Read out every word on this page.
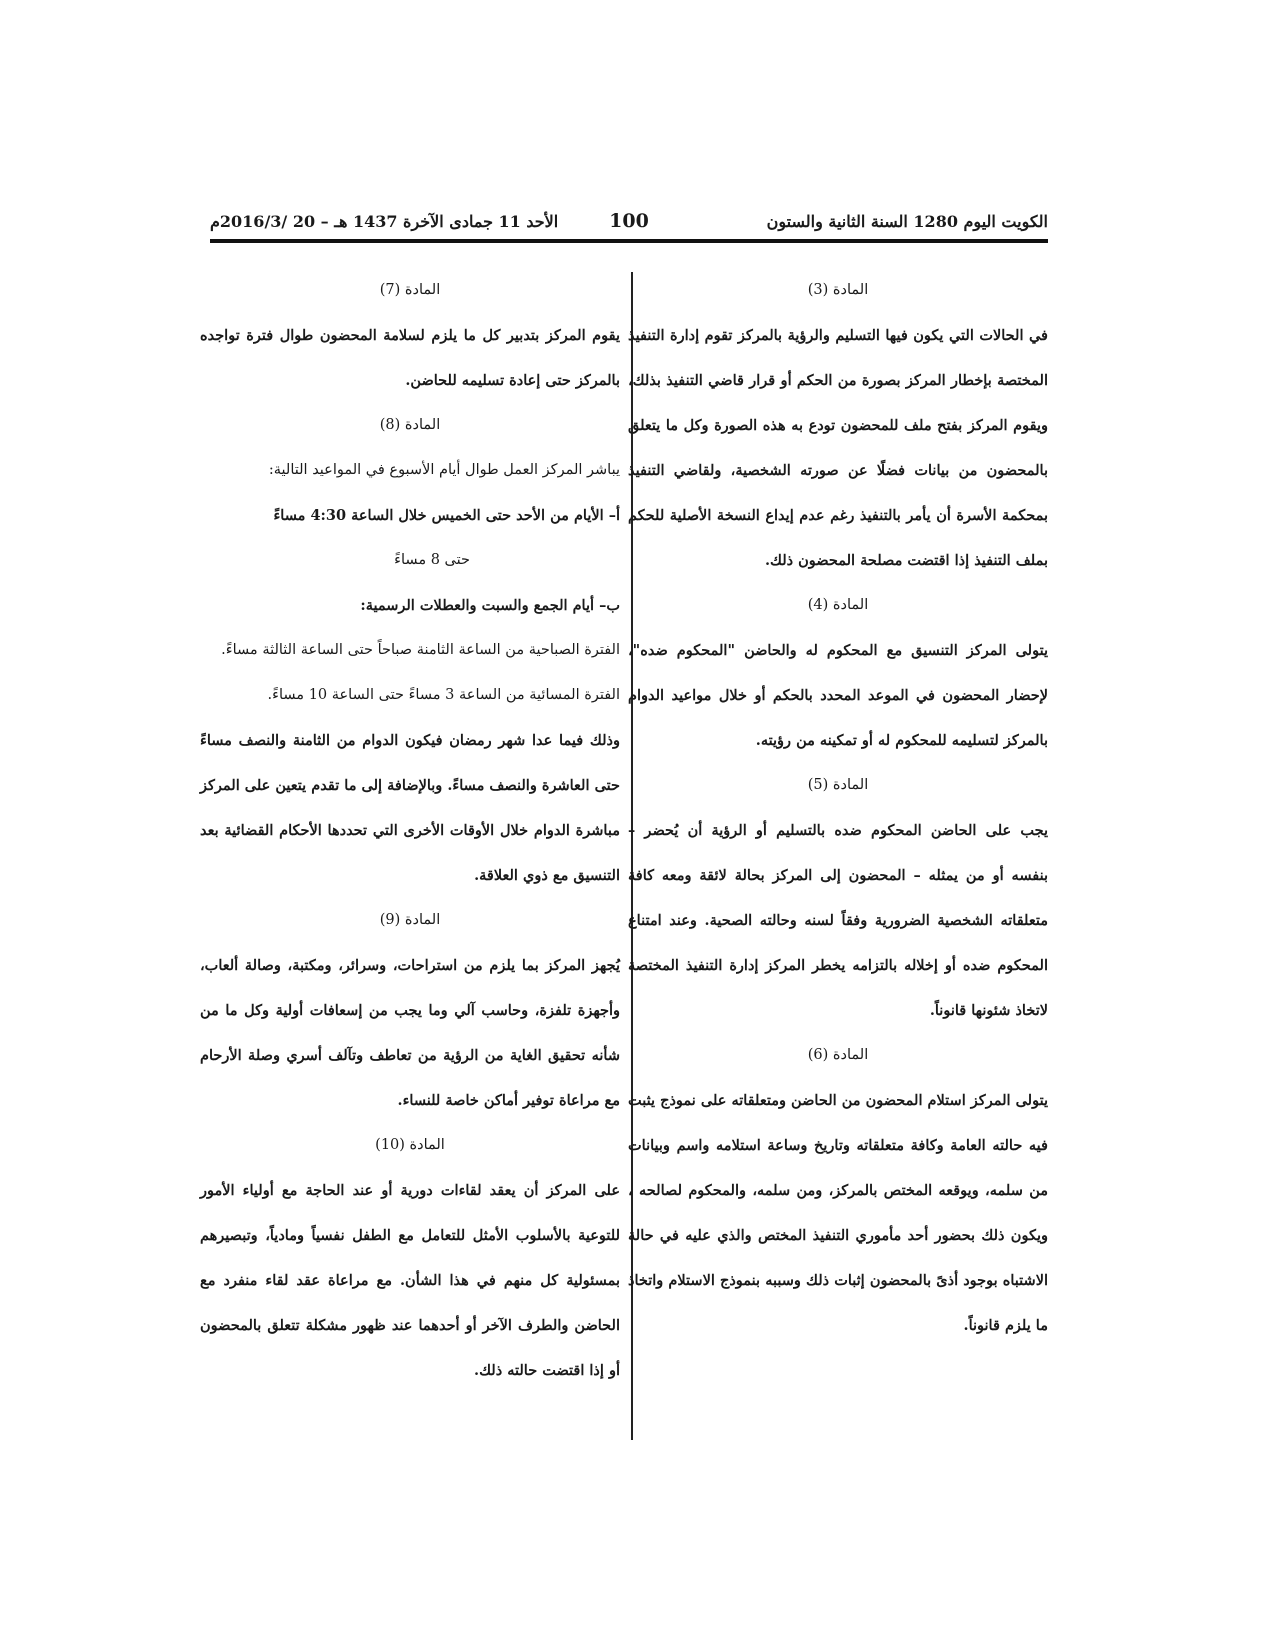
الكويت اليوم 1280 السنة الثانية والستون
100
الأحد 11 جمادى الآخرة 1437 هـ – 20 /2016/3م
المادة (3)

في الحالات التي يكون فيها التسليم والرؤية بالمركز تقوم إدارة التنفيذ المختصة بإخطار المركز بصورة من الحكم أو قرار قاضي التنفيذ بذلك، ويقوم المركز بفتح ملف للمحضون تودع به هذه الصورة وكل ما يتعلق بالمحضون من بيانات فضلًا عن صورته الشخصية، ولقاضي التنفيذ بمحكمة الأسرة أن يأمر بالتنفيذ رغم عدم إيداع النسخة الأصلية للحكم بملف التنفيذ إذا اقتضت مصلحة المحضون ذلك.

المادة (4)

يتولى المركز التنسيق مع المحكوم له والحاضن "المحكوم ضده"، لإحضار المحضون في الموعد المحدد بالحكم أو خلال مواعيد الدوام بالمركز لتسليمه للمحكوم له أو تمكينه من رؤيته.

المادة (5)

يجب على الحاضن المحكوم ضده بالتسليم أو الرؤية أن يُحضر – بنفسه أو من يمثله – المحضون إلى المركز بحالة لائقة ومعه كافة متعلقاته الشخصية الضرورية وفقاً لسنه وحالته الصحية. وعند امتناع المحكوم ضده أو إخلاله بالتزامه يخطر المركز إدارة التنفيذ المختصة لاتخاذ شئونها قانوناً.

المادة (6)

يتولى المركز استلام المحضون من الحاضن ومتعلقاته على نموذج يثبت فيه حالته العامة وكافة متعلقاته وتاريخ وساعة استلامه واسم وبيانات من سلمه، ويوقعه المختص بالمركز، ومن سلمه، والمحكوم لصالحه ، ويكون ذلك بحضور أحد مأموري التنفيذ المختص والذي عليه في حالة الاشتباه بوجود أذىً بالمحضون إثبات ذلك وسببه بنموذج الاستلام واتخاذ ما يلزم قانوناً.

المادة (7)

يقوم المركز بتدبير كل ما يلزم لسلامة المحضون طوال فترة تواجده بالمركز حتى إعادة تسليمه للحاضن.

المادة (8)

يباشر المركز العمل طوال أيام الأسبوع في المواعيد التالية:

أ– الأيام من الأحد حتى الخميس خلال الساعة 4:30 مساءً

حتى 8 مساءً

ب– أيام الجمع والسبت والعطلات الرسمية:

الفترة الصباحية من الساعة الثامنة صباحاً حتى الساعة الثالثة مساءً.

الفترة المسائية من الساعة 3 مساءً حتى الساعة 10 مساءً.

وذلك فيما عدا شهر رمضان فيكون الدوام من الثامنة والنصف مساءً حتى العاشرة والنصف مساءً. وبالإضافة إلى ما تقدم يتعين على المركز مباشرة الدوام خلال الأوقات الأخرى التي تحددها الأحكام القضائية بعد التنسيق مع ذوي العلاقة.

المادة (9)

يُجهز المركز بما يلزم من استراحات، وسرائر، ومكتبة، وصالة ألعاب، وأجهزة تلفزة، وحاسب آلي وما يجب من إسعافات أولية وكل ما من شأنه تحقيق الغاية من الرؤية من تعاطف وتآلف أسري وصلة الأرحام مع مراعاة توفير أماكن خاصة للنساء.

المادة (10)

على المركز أن يعقد لقاءات دورية أو عند الحاجة مع أولياء الأمور للتوعية بالأسلوب الأمثل للتعامل مع الطفل نفسياً ومادياً، وتبصيرهم بمسئولية كل منهم في هذا الشأن. مع مراعاة عقد لقاء منفرد مع الحاضن والطرف الآخر أو أحدهما عند ظهور مشكلة تتعلق بالمحضون أو إذا اقتضت حالته ذلك.
